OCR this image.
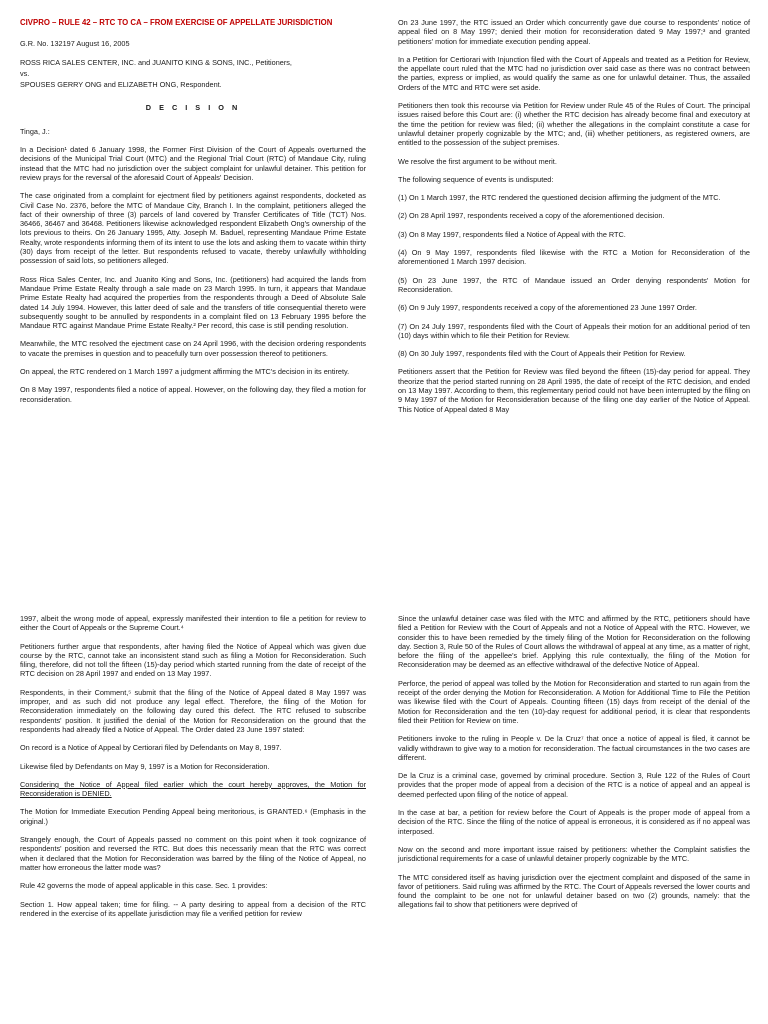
CIVPRO – RULE 42 – RTC TO CA – FROM EXERCISE OF APPELLATE JURISDICTION

G.R. No. 132197 August 16, 2005

ROSS RICA SALES CENTER, INC. and JUANITO KING & SONS, INC., Petitioners,

vs.

SPOUSES GERRY ONG and ELIZABETH ONG, Respondent.

D E C I S I O N

Tinga, J.:

In a Decision¹ dated 6 January 1998, the Former First Division of the Court of Appeals overturned the decisions of the Municipal Trial Court (MTC) and the Regional Trial Court (RTC) of Mandaue City, ruling instead that the MTC had no jurisdiction over the subject complaint for unlawful detainer. This petition for review prays for the reversal of the aforesaid Court of Appeals' Decision.

The case originated from a complaint for ejectment filed by petitioners against respondents, docketed as Civil Case No. 2376, before the MTC of Mandaue City, Branch I. In the complaint, petitioners alleged the fact of their ownership of three (3) parcels of land covered by Transfer Certificates of Title (TCT) Nos. 36466, 36467 and 36468. Petitioners likewise acknowledged respondent Elizabeth Ong's ownership of the lots previous to theirs. On 26 January 1995, Atty. Joseph M. Baduel, representing Mandaue Prime Estate Realty, wrote respondents informing them of its intent to use the lots and asking them to vacate within thirty (30) days from receipt of the letter. But respondents refused to vacate, thereby unlawfully withholding possession of said lots, so petitioners alleged.

Ross Rica Sales Center, Inc. and Juanito King and Sons, Inc. (petitioners) had acquired the lands from Mandaue Prime Estate Realty through a sale made on 23 March 1995. In turn, it appears that Mandaue Prime Estate Realty had acquired the properties from the respondents through a Deed of Absolute Sale dated 14 July 1994. However, this latter deed of sale and the transfers of title consequential thereto were subsequently sought to be annulled by respondents in a complaint filed on 13 February 1995 before the Mandaue RTC against Mandaue Prime Estate Realty.² Per record, this case is still pending resolution.

Meanwhile, the MTC resolved the ejectment case on 24 April 1996, with the decision ordering respondents to vacate the premises in question and to peacefully turn over possession thereof to petitioners.

On appeal, the RTC rendered on 1 March 1997 a judgment affirming the MTC's decision in its entirety.

On 8 May 1997, respondents filed a notice of appeal. However, on the following day, they filed a motion for reconsideration.

On 23 June 1997, the RTC issued an Order which concurrently gave due course to respondents' notice of appeal filed on 8 May 1997; denied their motion for reconsideration dated 9 May 1997;³ and granted petitioners' motion for immediate execution pending appeal.

In a Petition for Certiorari with Injunction filed with the Court of Appeals and treated as a Petition for Review, the appellate court ruled that the MTC had no jurisdiction over said case as there was no contract between the parties, express or implied, as would qualify the same as one for unlawful detainer. Thus, the assailed Orders of the MTC and RTC were set aside.

Petitioners then took this recourse via Petition for Review under Rule 45 of the Rules of Court. The principal issues raised before this Court are: (i) whether the RTC decision has already become final and executory at the time the petition for review was filed; (ii) whether the allegations in the complaint constitute a case for unlawful detainer properly cognizable by the MTC; and, (iii) whether petitioners, as registered owners, are entitled to the possession of the subject premises.

We resolve the first argument to be without merit.

The following sequence of events is undisputed:

(1) On 1 March 1997, the RTC rendered the questioned decision affirming the judgment of the MTC.

(2) On 28 April 1997, respondents received a copy of the aforementioned decision.

(3) On 8 May 1997, respondents filed a Notice of Appeal with the RTC.

(4) On 9 May 1997, respondents filed likewise with the RTC a Motion for Reconsideration of the aforementioned 1 March 1997 decision.

(5) On 23 June 1997, the RTC of Mandaue issued an Order denying respondents' Motion for Reconsideration.

(6) On 9 July 1997, respondents received a copy of the aforementioned 23 June 1997 Order.

(7) On 24 July 1997, respondents filed with the Court of Appeals their motion for an additional period of ten (10) days within which to file their Petition for Review.

(8) On 30 July 1997, respondents filed with the Court of Appeals their Petition for Review.

Petitioners assert that the Petition for Review was filed beyond the fifteen (15)-day period for appeal. They theorize that the period started running on 28 April 1995, the date of receipt of the RTC decision, and ended on 13 May 1997. According to them, this reglementary period could not have been interrupted by the filing on 9 May 1997 of the Motion for Reconsideration because of the filing one day earlier of the Notice of Appeal. This Notice of Appeal dated 8 May

1997, albeit the wrong mode of appeal, expressly manifested their intention to file a petition for review to either the Court of Appeals or the Supreme Court.⁴

Petitioners further argue that respondents, after having filed the Notice of Appeal which was given due course by the RTC, cannot take an inconsistent stand such as filing a Motion for Reconsideration. Such filing, therefore, did not toll the fifteen (15)-day period which started running from the date of receipt of the RTC decision on 28 April 1997 and ended on 13 May 1997.

Respondents, in their Comment,⁵ submit that the filing of the Notice of Appeal dated 8 May 1997 was improper, and as such did not produce any legal effect. Therefore, the filing of the Motion for Reconsideration immediately on the following day cured this defect. The RTC refused to subscribe respondents' position. It justified the denial of the Motion for Reconsideration on the ground that the respondents had already filed a Notice of Appeal. The Order dated 23 June 1997 stated:

On record is a Notice of Appeal by Certiorari filed by Defendants on May 8, 1997.

Likewise filed by Defendants on May 9, 1997 is a Motion for Reconsideration.

Considering the Notice of Appeal filed earlier which the court hereby approves, the Motion for Reconsideration is DENIED.

The Motion for Immediate Execution Pending Appeal being meritorious, is GRANTED.⁶ (Emphasis in the original.)

Strangely enough, the Court of Appeals passed no comment on this point when it took cognizance of respondents' position and reversed the RTC. But does this necessarily mean that the RTC was correct when it declared that the Motion for Reconsideration was barred by the filing of the Notice of Appeal, no matter how erroneous the latter mode was?

Rule 42 governs the mode of appeal applicable in this case. Sec. 1 provides:

Section 1. How appeal taken; time for filing. -- A party desiring to appeal from a decision of the RTC rendered in the exercise of its appellate jurisdiction may file a verified petition for review

Since the unlawful detainer case was filed with the MTC and affirmed by the RTC, petitioners should have filed a Petition for Review with the Court of Appeals and not a Notice of Appeal with the RTC. However, we consider this to have been remedied by the timely filing of the Motion for Reconsideration on the following day. Section 3, Rule 50 of the Rules of Court allows the withdrawal of appeal at any time, as a matter of right, before the filing of the appellee's brief. Applying this rule contextually, the filing of the Motion for Reconsideration may be deemed as an effective withdrawal of the defective Notice of Appeal.

Perforce, the period of appeal was tolled by the Motion for Reconsideration and started to run again from the receipt of the order denying the Motion for Reconsideration. A Motion for Additional Time to File the Petition was likewise filed with the Court of Appeals. Counting fifteen (15) days from receipt of the denial of the Motion for Reconsideration and the ten (10)-day request for additional period, it is clear that respondents filed their Petition for Review on time.

Petitioners invoke to the ruling in People v. De la Cruz⁷ that once a notice of appeal is filed, it cannot be validly withdrawn to give way to a motion for reconsideration. The factual circumstances in the two cases are different.

De la Cruz is a criminal case, governed by criminal procedure. Section 3, Rule 122 of the Rules of Court provides that the proper mode of appeal from a decision of the RTC is a notice of appeal and an appeal is deemed perfected upon filing of the notice of appeal.

In the case at bar, a petition for review before the Court of Appeals is the proper mode of appeal from a decision of the RTC. Since the filing of the notice of appeal is erroneous, it is considered as if no appeal was interposed.

Now on the second and more important issue raised by petitioners: whether the Complaint satisfies the jurisdictional requirements for a case of unlawful detainer properly cognizable by the MTC.

The MTC considered itself as having jurisdiction over the ejectment complaint and disposed of the same in favor of petitioners. Said ruling was affirmed by the RTC. The Court of Appeals reversed the lower courts and found the complaint to be one not for unlawful detainer based on two (2) grounds, namely: that the allegations fail to show that petitioners were deprived of
